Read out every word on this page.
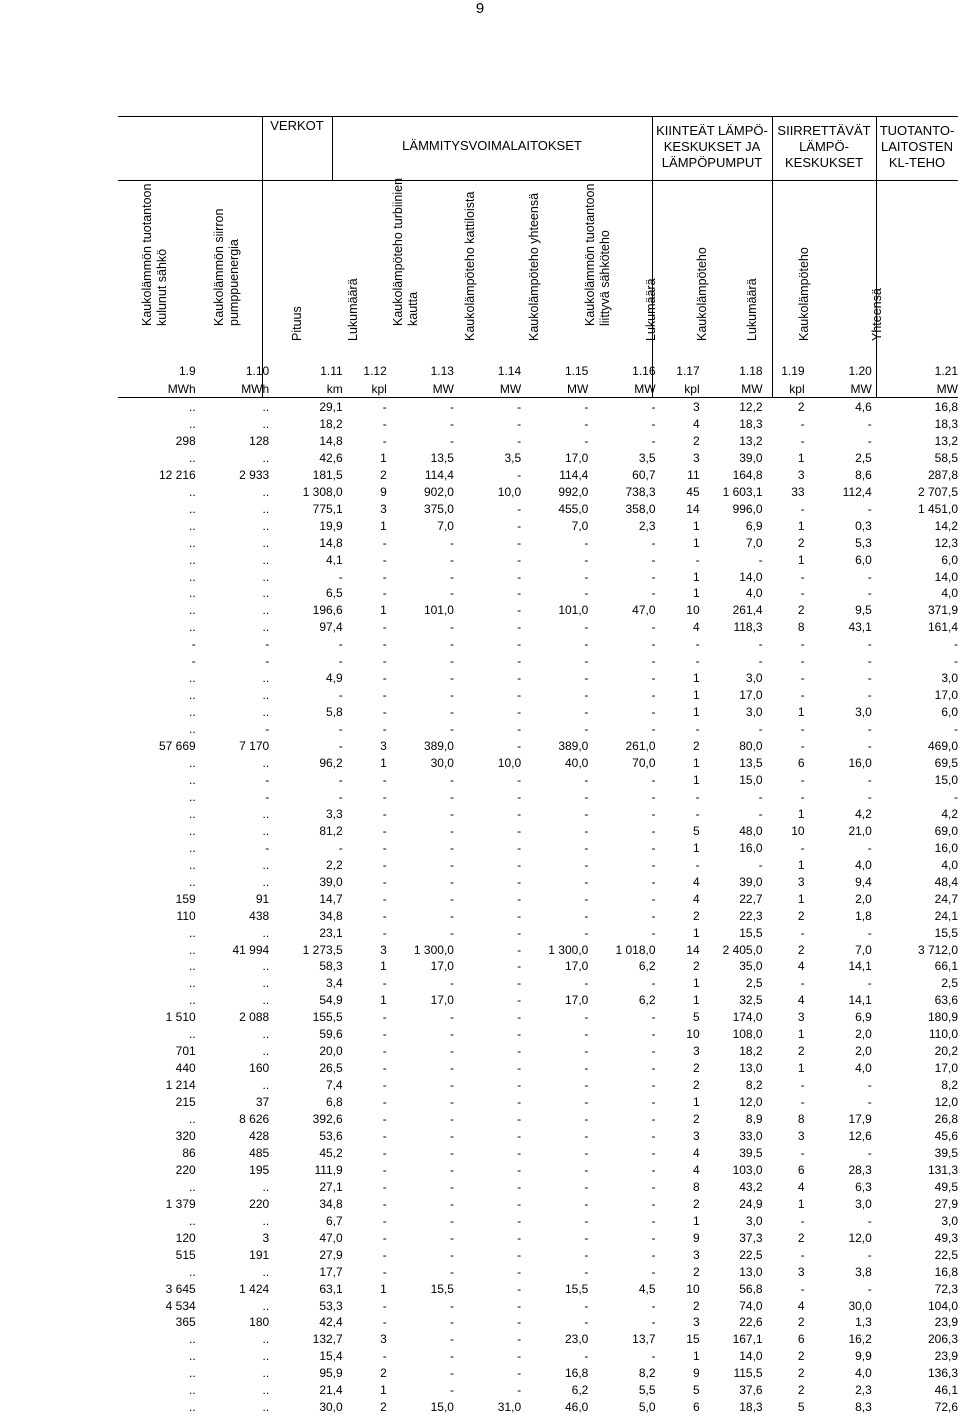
9
VERKOT
LÄMMITYSVOIMALAITOKSET
KIINTEÄT LÄMPÖ-
KESKUKSET JA
LÄMPÖPUMPUT
SIIRRETTÄVÄT
LÄMPÖ-
KESKUKSET
TUOTANTO-
LAITOSTEN
KL-TEHO
Kaukolämmön tuotantoon kulunut sähkö	Kaukolämmön siirron pumppuenergia	Pituus	Lukumäärä	Kaukolämpöteho turbiinien kautta	Kaukolämpöteho kattiloista	Kaukolämpöteho yhteensä	Kaukolämmön tuotantoon liittyvä sähköteho	Lukumäärä	Kaukolämpöteho	Lukumäärä	Kaukolämpöteho	Yhteensä
1.9	1.10	1.11	1.12	1.13	1.14	1.15	1.16	1.17	1.18	1.19	1.20	1.21
MWh	MWh	km	kpl	MW	MW	MW	MW	kpl	MW	kpl	MW	MW
..	..	29,1	-	-	-	-	-	3	12,2	2	4,6	16,8
..	..	18,2	-	-	-	-	-	4	18,3	-	-	18,3
298	128	14,8	-	-	-	-	-	2	13,2	-	-	13,2
..	..	42,6	1	13,5	3,5	17,0	3,5	3	39,0	1	2,5	58,5
12 216	2 933	181,5	2	114,4	-	114,4	60,7	11	164,8	3	8,6	287,8
..	..	1 308,0	9	902,0	10,0	992,0	738,3	45	1 603,1	33	112,4	2 707,5
..	..	775,1	3	375,0	-	455,0	358,0	14	996,0	-	-	1 451,0
..	..	19,9	1	7,0	-	7,0	2,3	1	6,9	1	0,3	14,2
..	..	14,8	-	-	-	-	-	1	7,0	2	5,3	12,3
..	..	4,1	-	-	-	-	-	-	-	1	6,0	6,0
..	..	-	-	-	-	-	-	1	14,0	-	-	14,0
..	..	6,5	-	-	-	-	-	1	4,0	-	-	4,0
..	..	196,6	1	101,0	-	101,0	47,0	10	261,4	2	9,5	371,9
..	..	97,4	-	-	-	-	-	4	118,3	8	43,1	161,4
-	-	-	-	-	-	-	-	-	-	-	-	-
-	-	-	-	-	-	-	-	-	-	-	-	-
..	..	4,9	-	-	-	-	-	1	3,0	-	-	3,0
..	..	-	-	-	-	-	-	1	17,0	-	-	17,0
..	..	5,8	-	-	-	-	-	1	3,0	1	3,0	6,0
..	-	-	-	-	-	-	-	-	-	-	-	-
57 669	7 170	-	3	389,0	-	389,0	261,0	2	80,0	-	-	469,0
..	..	96,2	1	30,0	10,0	40,0	70,0	1	13,5	6	16,0	69,5
..	-	-	-	-	-	-	-	1	15,0	-	-	15,0
..	-	-	-	-	-	-	-	-	-	-	-	-
..	..	3,3	-	-	-	-	-	-	-	1	4,2	4,2
..	..	81,2	-	-	-	-	-	5	48,0	10	21,0	69,0
..	-	-	-	-	-	-	-	1	16,0	-	-	16,0
..	..	2,2	-	-	-	-	-	-	-	1	4,0	4,0
..	..	39,0	-	-	-	-	-	4	39,0	3	9,4	48,4
159	91	14,7	-	-	-	-	-	4	22,7	1	2,0	24,7
110	438	34,8	-	-	-	-	-	2	22,3	2	1,8	24,1
..	..	23,1	-	-	-	-	-	1	15,5	-	-	15,5
..	41 994	1 273,5	3	1 300,0	-	1 300,0	1 018,0	14	2 405,0	2	7,0	3 712,0
..	..	58,3	1	17,0	-	17,0	6,2	2	35,0	4	14,1	66,1
..	..	3,4	-	-	-	-	-	1	2,5	-	-	2,5
..	..	54,9	1	17,0	-	17,0	6,2	1	32,5	4	14,1	63,6
1 510	2 088	155,5	-	-	-	-	-	5	174,0	3	6,9	180,9
..	..	59,6	-	-	-	-	-	10	108,0	1	2,0	110,0
701	..	20,0	-	-	-	-	-	3	18,2	2	2,0	20,2
440	160	26,5	-	-	-	-	-	2	13,0	1	4,0	17,0
1 214	..	7,4	-	-	-	-	-	2	8,2	-	-	8,2
215	37	6,8	-	-	-	-	-	1	12,0	-	-	12,0
..	8 626	392,6	-	-	-	-	-	2	8,9	8	17,9	26,8
320	428	53,6	-	-	-	-	-	3	33,0	3	12,6	45,6
86	485	45,2	-	-	-	-	-	4	39,5	-	-	39,5
220	195	111,9	-	-	-	-	-	4	103,0	6	28,3	131,3
..	..	27,1	-	-	-	-	-	8	43,2	4	6,3	49,5
1 379	220	34,8	-	-	-	-	-	2	24,9	1	3,0	27,9
..	..	6,7	-	-	-	-	-	1	3,0	-	-	3,0
120	3	47,0	-	-	-	-	-	9	37,3	2	12,0	49,3
515	191	27,9	-	-	-	-	-	3	22,5	-	-	22,5
..	..	17,7	-	-	-	-	-	2	13,0	3	3,8	16,8
3 645	1 424	63,1	1	15,5	-	15,5	4,5	10	56,8	-	-	72,3
4 534	..	53,3	-	-	-	-	-	2	74,0	4	30,0	104,0
365	180	42,4	-	-	-	-	-	3	22,6	2	1,3	23,9
..	..	132,7	3	-	-	23,0	13,7	15	167,1	6	16,2	206,3
..	..	15,4	-	-	-	-	-	1	14,0	2	9,9	23,9
..	..	95,9	2	-	-	16,8	8,2	9	115,5	2	4,0	136,3
..	..	21,4	1	-	-	6,2	5,5	5	37,6	2	2,3	46,1
..	..	30,0	2	15,0	31,0	46,0	5,0	6	18,3	5	8,3	72,6
